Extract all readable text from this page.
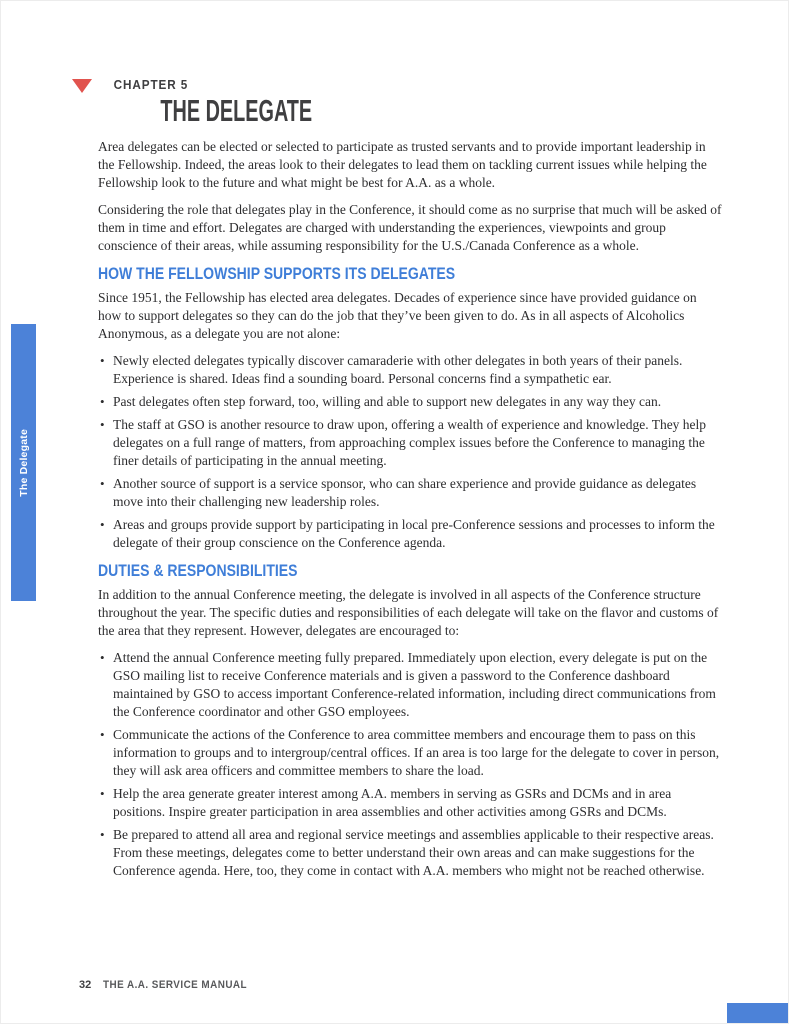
The Delegate
CHAPTER 5
THE DELEGATE

Area delegates can be elected or selected to participate as trusted servants and to provide important leadership in the Fellowship. Indeed, the areas look to their delegates to lead them on tackling current issues while helping the Fellowship look to the future and what might be best for A.A. as a whole.

Considering the role that delegates play in the Conference, it should come as no surprise that much will be asked of them in time and effort. Delegates are charged with understanding the experiences, viewpoints and group conscience of their areas, while assuming responsibility for the U.S./Canada Conference as a whole.

HOW THE FELLOWSHIP SUPPORTS ITS DELEGATES

Since 1951, the Fellowship has elected area delegates. Decades of experience since have provided guidance on how to support delegates so they can do the job that they’ve been given to do. As in all aspects of Alcoholics Anonymous, as a delegate you are not alone:

• Newly elected delegates typically discover camaraderie with other delegates in both years of their panels. Experience is shared. Ideas find a sounding board. Personal concerns find a sympathetic ear.
• Past delegates often step forward, too, willing and able to support new delegates in any way they can.
• The staff at GSO is another resource to draw upon, offering a wealth of experience and knowledge. They help delegates on a full range of matters, from approaching complex issues before the Conference to managing the finer details of participating in the annual meeting.
• Another source of support is a service sponsor, who can share experience and provide guidance as delegates move into their challenging new leadership roles.
• Areas and groups provide support by participating in local pre-Conference sessions and processes to inform the delegate of their group conscience on the Conference agenda.
DUTIES & RESPONSIBILITIES

In addition to the annual Conference meeting, the delegate is involved in all aspects of the Conference structure throughout the year. The specific duties and responsibilities of each delegate will take on the flavor and customs of the area that they represent. However, delegates are encouraged to:

• Attend the annual Conference meeting fully prepared. Immediately upon election, every delegate is put on the GSO mailing list to receive Conference materials and is given a password to the Conference dashboard maintained by GSO to access important Conference-related information, including direct communications from the Conference coordinator and other GSO employees.
• Communicate the actions of the Conference to area committee members and encourage them to pass on this information to groups and to intergroup/central offices. If an area is too large for the delegate to cover in person, they will ask area officers and committee members to share the load.
• Help the area generate greater interest among A.A. members in serving as GSRs and DCMs and in area positions. Inspire greater participation in area assemblies and other activities among GSRs and DCMs.
• Be prepared to attend all area and regional service meetings and assemblies applicable to their respective areas. From these meetings, delegates come to better understand their own areas and can make suggestions for the Conference agenda. Here, too, they come in contact with A.A. members who might not be reached otherwise.
32 THE A.A. SERVICE MANUAL
